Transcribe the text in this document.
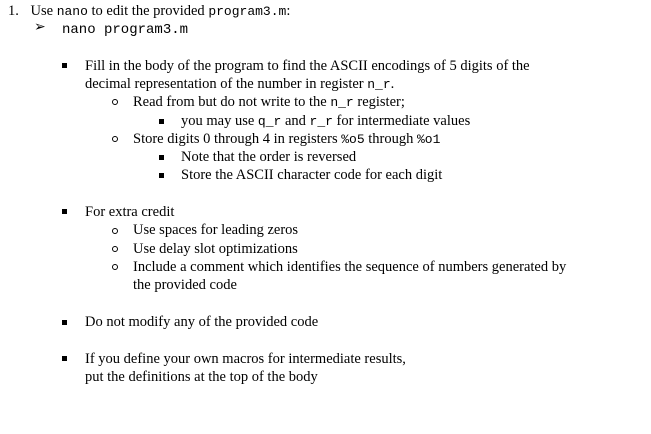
1. Use nano to edit the provided program3.m:
➢ nano program3.m
Fill in the body of the program to find the ASCII encodings of 5 digits of the
decimal representation of the number in register n_r.
Read from but do not write to the n_r register;
you may use q_r and r_r for intermediate values
Store digits 0 through 4 in registers %o5 through %o1
Note that the order is reversed
Store the ASCII character code for each digit
For extra credit
Use spaces for leading zeros
Use delay slot optimizations
Include a comment which identifies the sequence of numbers generated by
the provided code
Do not modify any of the provided code
If you define your own macros for intermediate results,
put the definitions at the top of the body
